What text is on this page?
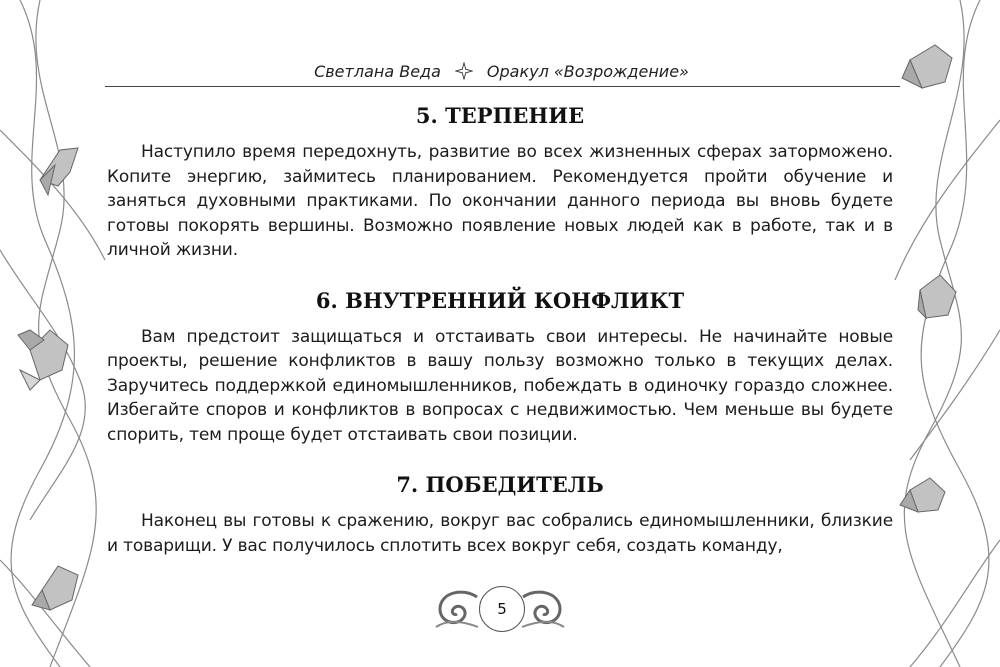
Светлана Веда	Оракул «Возрождение»
5. ТЕРПЕНИЕ

Наступило время передохнуть, развитие во всех жизненных сферах заторможено. Копите энергию, займитесь планированием. Рекомендуется пройти обучение и заняться духовными практиками. По окончании данного периода вы вновь будете готовы покорять вершины. Возможно появление новых людей как в работе, так и в личной жизни.

6. ВНУТРЕННИЙ КОНФЛИКТ

Вам предстоит защищаться и отстаивать свои интересы. Не начинайте новые проекты, решение конфликтов в вашу пользу возможно только в текущих делах. Заручитесь поддержкой единомышленников, побеждать в одиночку гораздо сложнее. Избегайте споров и конфликтов в вопросах с недвижимостью. Чем меньше вы будете спорить, тем проще будет отстаивать свои позиции.

7. ПОБЕДИТЕЛЬ

Наконец вы готовы к сражению, вокруг вас собрались единомышленники, близкие и товарищи. У вас получилось сплотить всех вокруг себя, создать команду,

5
